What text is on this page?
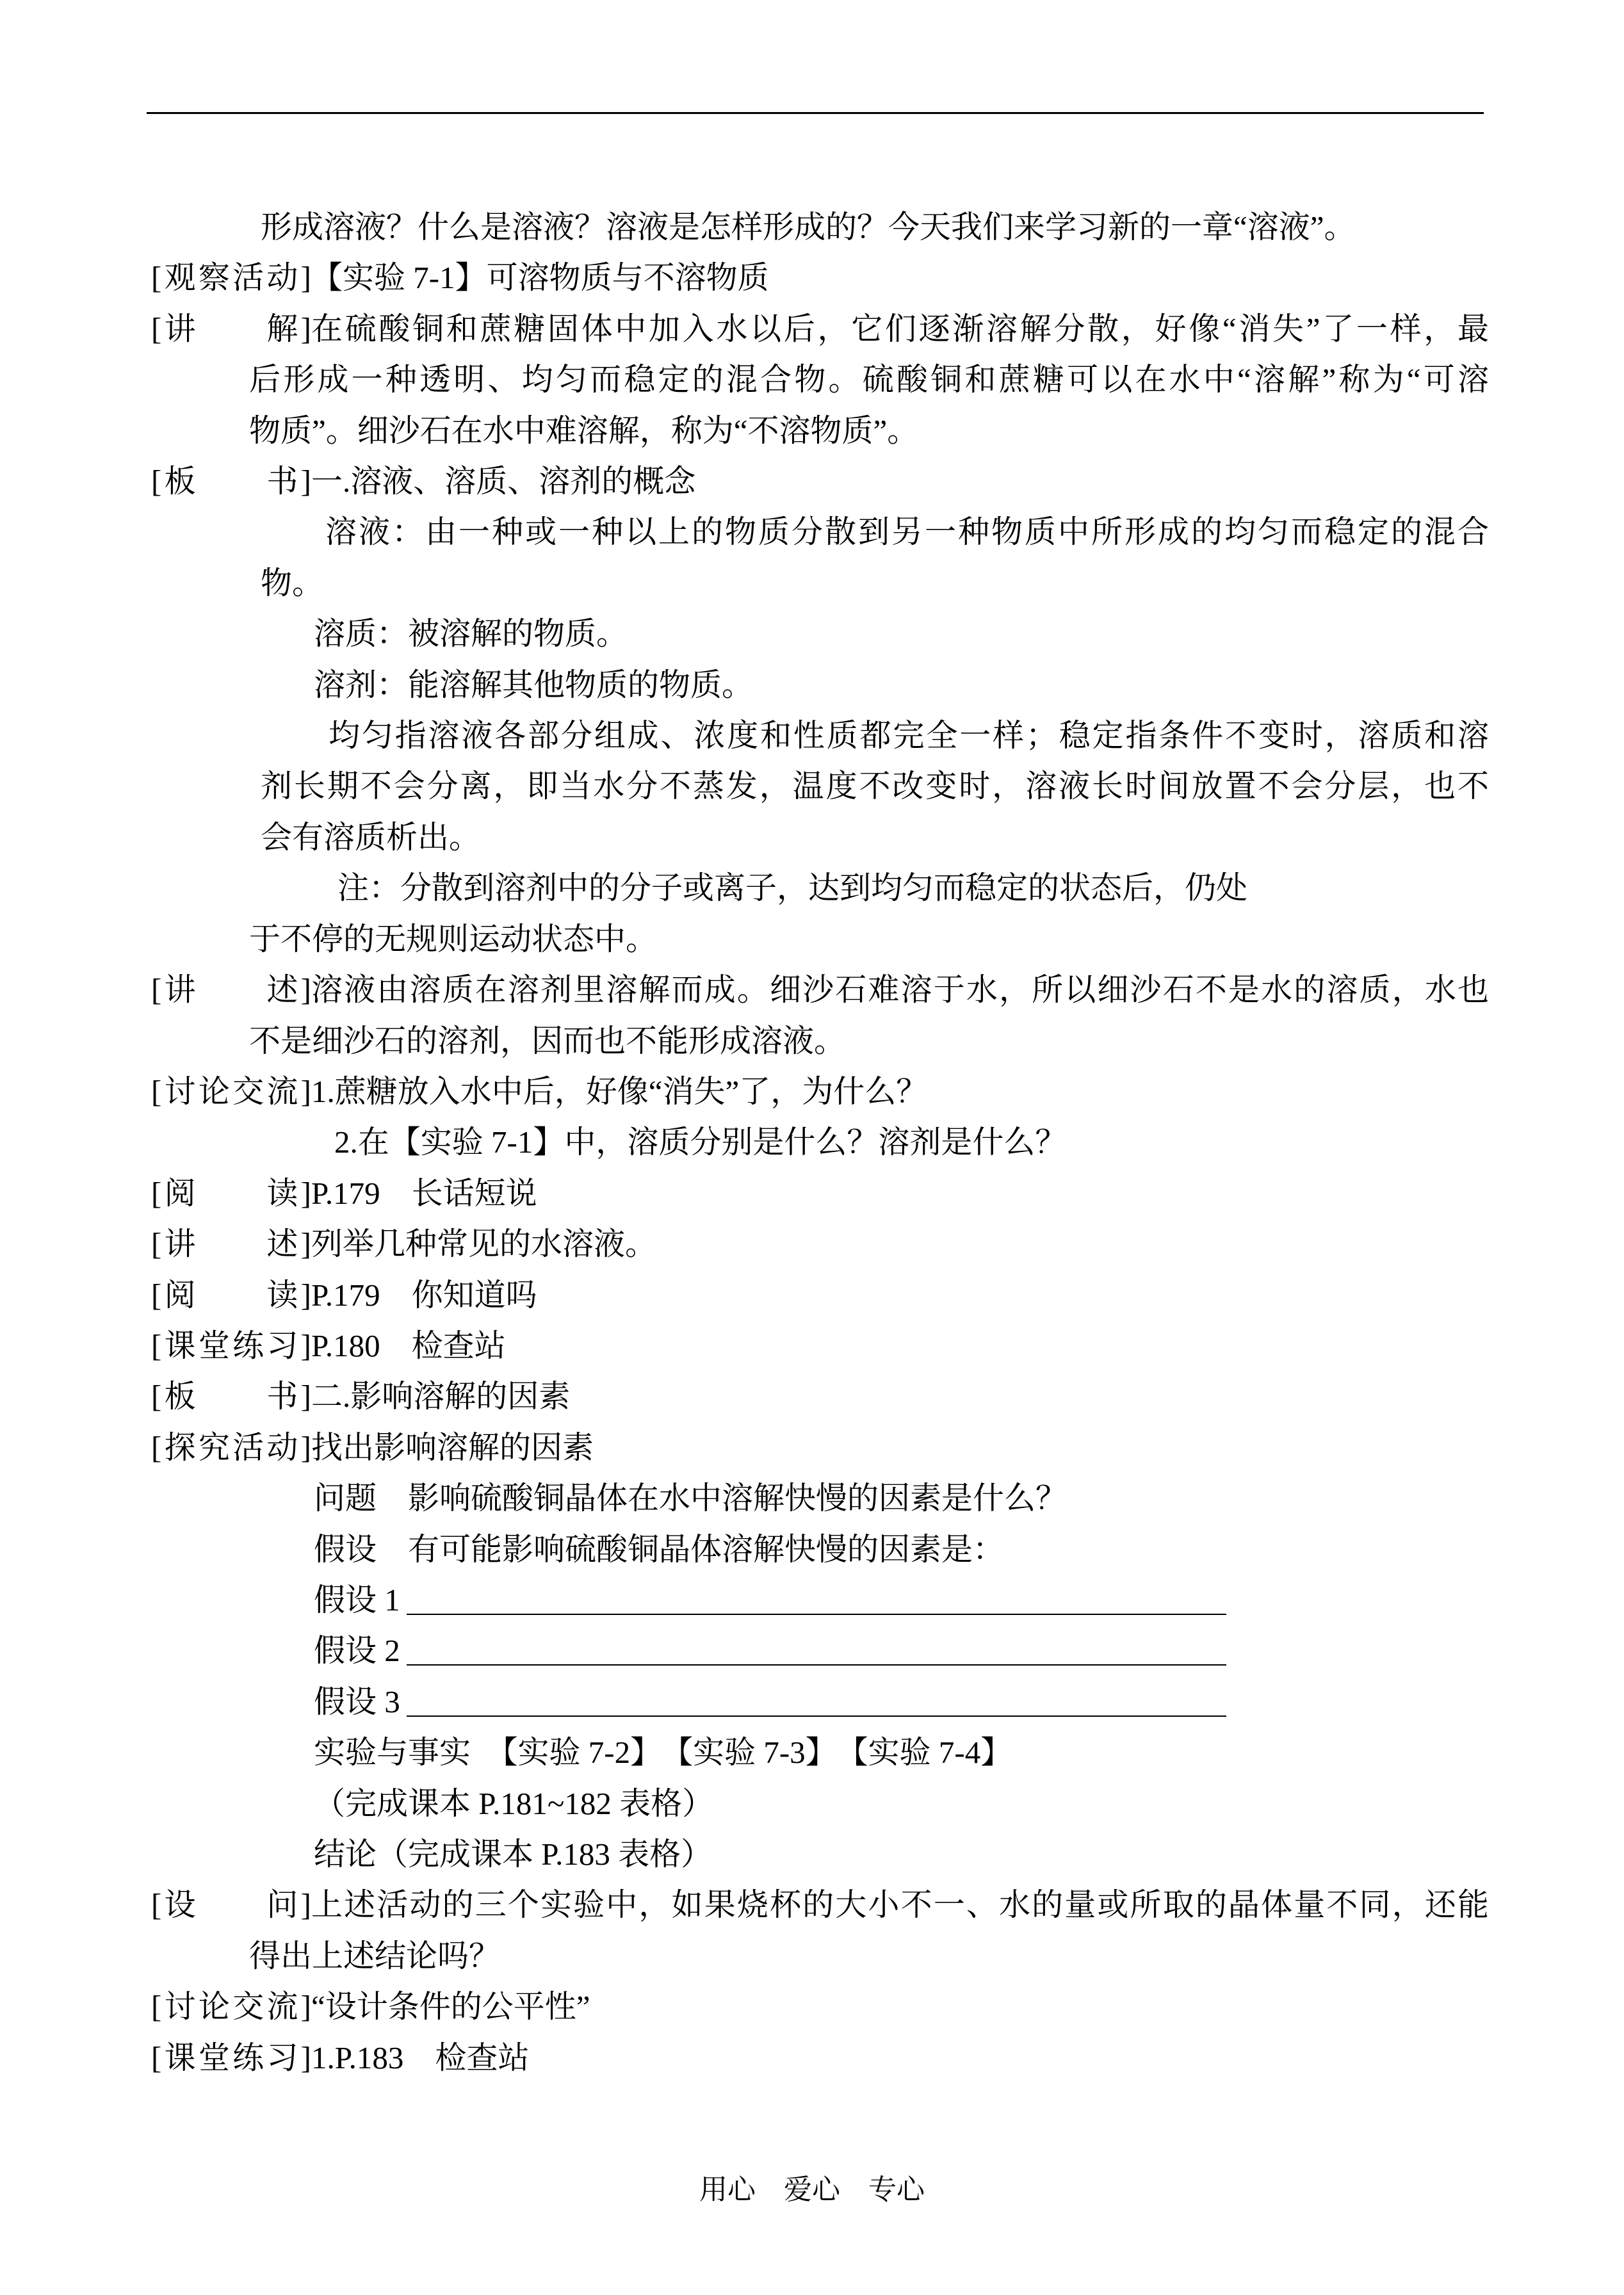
形成溶液？什么是溶液？溶液是怎样形成的？今天我们来学习新的一章“溶液”。
[观察活动] 【实验 7-1】可溶物质与不溶物质
[讲　　解] 在硫酸铜和蔗糖固体中加入水以后，它们逐渐溶解分散，好像“消失”了一样，最
后形成一种透明、均匀而稳定的混合物。硫酸铜和蔗糖可以在水中“溶解”称为“可溶
物质”。细沙石在水中难溶解，称为“不溶物质”。
[板　　书] 一.溶液、溶质、溶剂的概念
溶液：由一种或一种以上的物质分散到另一种物质中所形成的均匀而稳定的混合
物。
溶质：被溶解的物质。
溶剂：能溶解其他物质的物质。
均匀指溶液各部分组成、浓度和性质都完全一样；稳定指条件不变时，溶质和溶
剂长期不会分离，即当水分不蒸发，温度不改变时，溶液长时间放置不会分层，也不
会有溶质析出。
注：分散到溶剂中的分子或离子，达到均匀而稳定的状态后，仍处
于不停的无规则运动状态中。
[讲　　述] 溶液由溶质在溶剂里溶解而成。细沙石难溶于水，所以细沙石不是水的溶质，水也
不是细沙石的溶剂，因而也不能形成溶液。
[讨论交流] 1.蔗糖放入水中后，好像“消失”了，为什么？
2.在【实验 7-1】中，溶质分别是什么？溶剂是什么？
[阅　　读] P.179　长话短说
[讲　　述] 列举几种常见的水溶液。
[阅　　读] P.179　你知道吗
[课堂练习] P.180　检查站
[板　　书] 二.影响溶解的因素
[探究活动] 找出影响溶解的因素
问题　影响硫酸铜晶体在水中溶解快慢的因素是什么？
假设　有可能影响硫酸铜晶体溶解快慢的因素是：
假设 1
假设 2
假设 3
实验与事实　【实验 7-2】　【实验 7-3】　【实验 7-4】
（完成课本 P.181~182 表格）
结论（完成课本 P.183 表格）
[设　　问] 上述活动的三个实验中，如果烧杯的大小不一、水的量或所取的晶体量不同，还能
得出上述结论吗？
[讨论交流] “设计条件的公平性”
[课堂练习] 1.P.183　检查站
用心　爱心　专心
